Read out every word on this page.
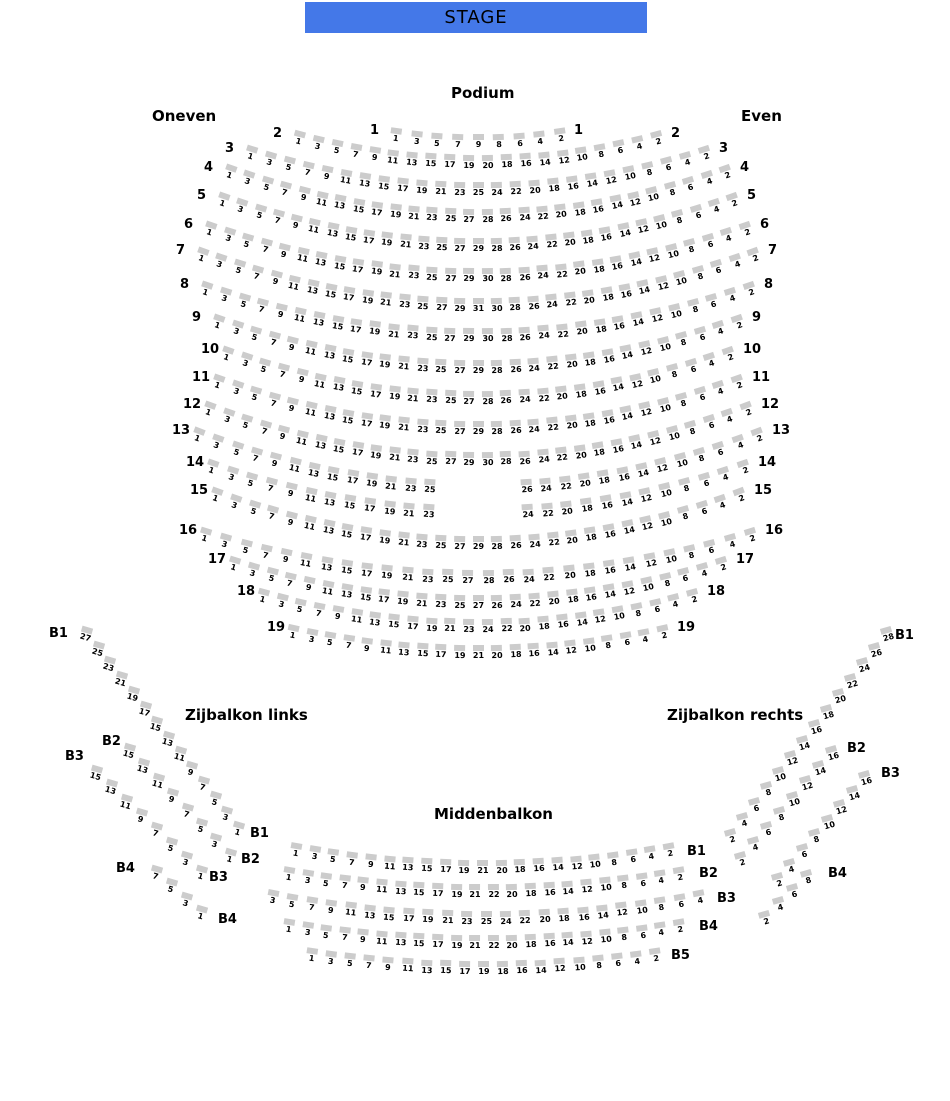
STAGE
Podium
Oneven	Even
Zijbalkon links	Zijbalkon rechts
Middenbalkon
1	1
1	3	5	7	9	8	6	4	2
2	2
1	3	5	7	9	11 13 15 17 19 20 18 16 14 12 10	8	6	4	2
3	3
1
3
5	7	9	11 13 15 17 19 21 23 25 24 22 20 18 16 14 12 10	8	6
4
2
4	4
1
3
5
7	9	11 13 15 17 19 21 23 25 27 28 26 24 22 20 18 16 14 12 10	8
6
4
2
5	5
1
3
5
7	9	11 13 15 17 19 21 23 25 27 29 28 26 24 22 20 18 16 14 12 10 8
6
4
2
6	6
1
3
5
7	9	11 13 15 17 19 21 23 25 27 29 30 28 26 24 22 20 18 16 14 12 10	8
6
4
2
7	7
1
3
5
7
9	11 13 15 17 19 21 23 25 27 29 31 30 28 26 24 22 20 18 16 14 12 10 8
6
4
2
8	8
1
3
5
7	9	11 13 15 17 19 21 23 25 27 29 30 28 26 24 22 20 18 16 14 12 10	8
6
4
2
9	9
1
3
5
7	9	11 13 15 17 19 21 23 25 27 29 28 26 24 22 20 18 16 14 12 10	8
6
4
2
10	10
1
3
5
7	9	11 13 15 17 19 21 23 25 27 28 26 24 22 20 18 16 14 12 10	8
6
4
2
11	11
1
3
5
7	9	11 13 15 17 19 21 23 25 27 29 28 26 24 22 20 18 16 14 12 10	8
6
4
2
12	12
1
3
5
7
9	11 13 15 17 19 21 23 25 27 29 30 28 26 24 22 20 18 16 14 12 10	8
6
4
2
13	13
1
3
5
7
9	11 13 15 17 19 21 23 25	26 24 22 20 18 16 14 12 10	8
6
4
2
14	14
1
3
5
7	9	11 13 15 17 19 21 23	24 22 20 18 16 14 12 10	8
6
4
2
15	15
1
3
5
7
9	11 13 15 17 19 21 23 25 27 29 28 26 24 22 20 18 16 14 12 10	8
6
4
2
16	16
1
3
5
7	9	11 13 15	17	19	21	23	25	27	28	26	24	22	20	18	16 14 12 10	8
6
4
2
17	17
1
3
5	7	9	11 13 15 17 19 21 23 25 27 26 24 22 20 18 16 14 12 10	8	6
4
2
18	18
1	3	5	7	9	11 13 15 17 19 21 23 24 22 20 18 16 14 12 10	8	6	4	2
19	19
1	3	5	7	9	11 13 15 17 19 21 20 18 16 14 12 10	8	6	4	2
B1	27
25
23
21
19
17
15
13
11
9
7
5
3
1
B2
15
13
11
9
7
5
3
1
B3
15
13
11
9
7
5
3
1
B4
7
5
3
1
B1
28
26
24
22
20
18
16
14
12
10
8
6
4
2
B2
16
14
12
10
8
6
4
2
B3
16
14
12
10
8
6
4
2
B4
8
6
4
2
B1
B1
1	3	5	7	9	11 13 15 17 19 21 20 18 16 14 12 10	8	6	4	2
B2
B2
1	3	5	7	9	11 13 15 17 19 21 22 20 18 16 14 12 10	8	6	4	2
B3
B3
3	5	7	9	11 13 15 17 19 21	23	25	24	22 20 18 16 14 12 10	8	6	4
B4	B4
1	3	5	7	9	11 13 15 17 19 21 22 20 18 16 14 12 10	8	6	4	2
B5
1	3	5	7	9	11 13 15 17 19 18 16 14 12 10	8	6	4	2
